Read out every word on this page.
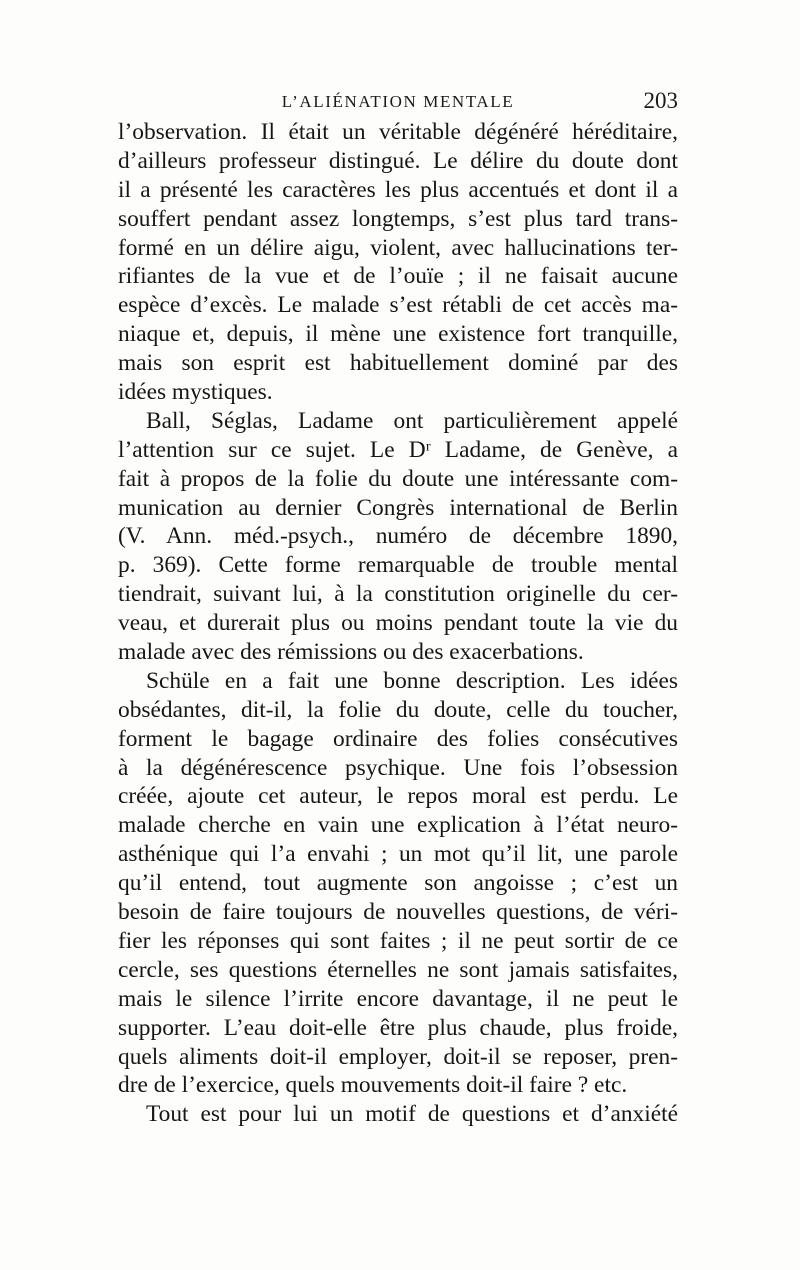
L’ALIÉNATION MENTALE	203

l’observation. Il était un véritable dégénéré héréditaire,
d’ailleurs professeur distingué. Le délire du doute dont
il a présenté les caractères les plus accentués et dont il a
souffert pendant assez longtemps, s’est plus tard trans-
formé en un délire aigu, violent, avec hallucinations ter-
rifiantes de la vue et de l’ouïe ; il ne faisait aucune
espèce d’excès. Le malade s’est rétabli de cet accès ma-
niaque et, depuis, il mène une existence fort tranquille,
mais son esprit est habituellement dominé par des
idées mystiques.

Ball, Séglas, Ladame ont particulièrement appelé
l’attention sur ce sujet. Le Dʳ Ladame, de Genève, a
fait à propos de la folie du doute une intéressante com-
munication au dernier Congrès international de Berlin
(V. Ann. méd.-psych., numéro de décembre 1890,
p. 369). Cette forme remarquable de trouble mental
tiendrait, suivant lui, à la constitution originelle du cer-
veau, et durerait plus ou moins pendant toute la vie du
malade avec des rémissions ou des exacerbations.

Schüle en a fait une bonne description. Les idées
obsédantes, dit-il, la folie du doute, celle du toucher,
forment le bagage ordinaire des folies consécutives
à la dégénérescence psychique. Une fois l’obsession
créée, ajoute cet auteur, le repos moral est perdu. Le
malade cherche en vain une explication à l’état neuro-
asthénique qui l’a envahi ; un mot qu’il lit, une parole
qu’il entend, tout augmente son angoisse ; c’est un
besoin de faire toujours de nouvelles questions, de véri-
fier les réponses qui sont faites ; il ne peut sortir de ce
cercle, ses questions éternelles ne sont jamais satisfaites,
mais le silence l’irrite encore davantage, il ne peut le
supporter. L’eau doit-elle être plus chaude, plus froide,
quels aliments doit-il employer, doit-il se reposer, pren-
dre de l’exercice, quels mouvements doit-il faire ? etc.

Tout est pour lui un motif de questions et d’anxiété
